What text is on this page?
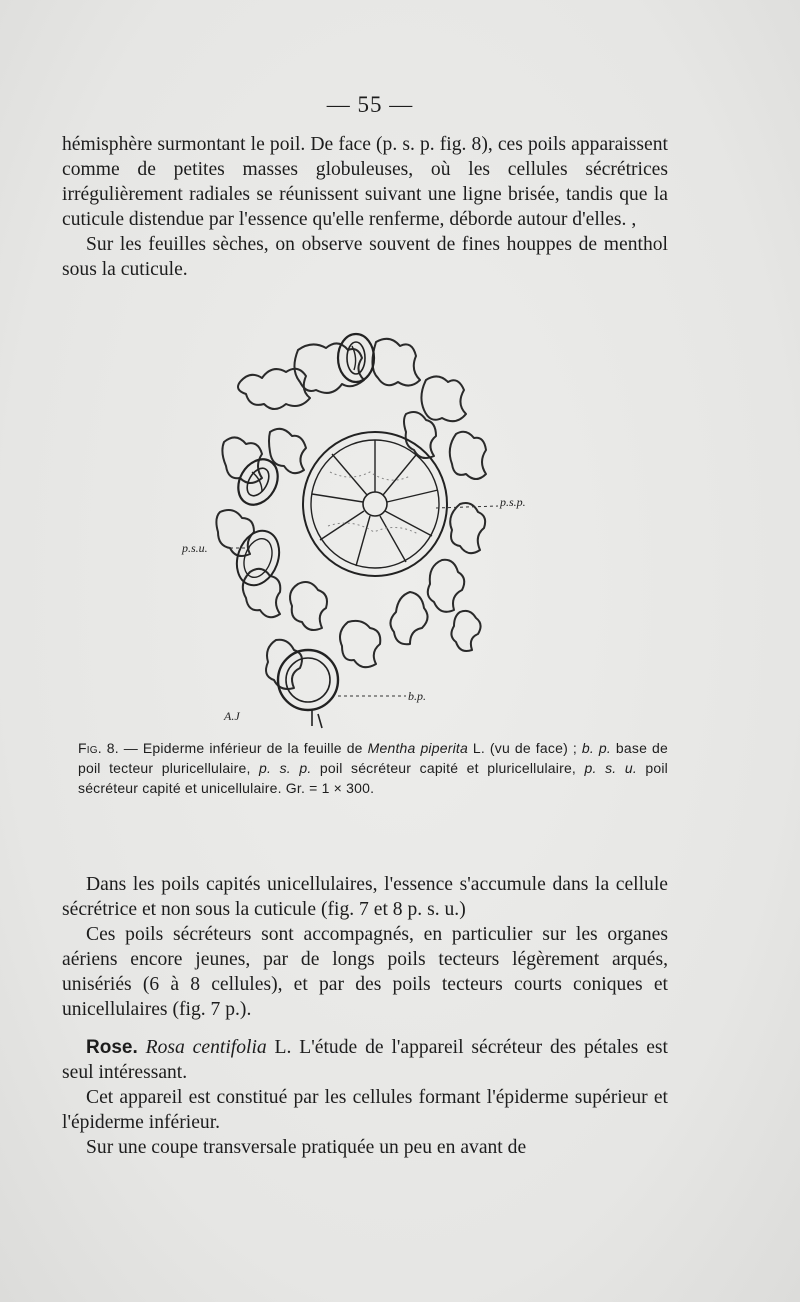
— 55 —

hémisphère surmontant le poil. De face (p. s. p. fig. 8), ces poils apparaissent comme de petites masses globuleuses, où les cellules sécrétrices irrégulièrement radiales se réunissent suivant une ligne brisée, tandis que la cuticule distendue par l'essence qu'elle renferme, déborde autour d'elles. ,

Sur les feuilles sèches, on observe souvent de fines houppes de menthol sous la cuticule.

p.s.p.
p.s.u.
b.p.
A.J

Fig. 8. — Epiderme inférieur de la feuille de Mentha piperita L. (vu de face) ; b. p. base de poil tecteur pluricellulaire, p. s. p. poil sécréteur capité et pluricellulaire, p. s. u. poil sécréteur capité et unicellulaire. Gr. = 1 × 300.

Dans les poils capités unicellulaires, l'essence s'accumule dans la cellule sécrétrice et non sous la cuticule (fig. 7 et 8 p. s. u.)

Ces poils sécréteurs sont accompagnés, en particulier sur les organes aériens encore jeunes, par de longs poils tecteurs légèrement arqués, unisériés (6 à 8 cellules), et par des poils tecteurs courts coniques et unicellulaires (fig. 7 p.).

Rose. Rosa centifolia L. L'étude de l'appareil sécréteur des pétales est seul intéressant.

Cet appareil est constitué par les cellules formant l'épiderme supérieur et l'épiderme inférieur.

Sur une coupe transversale pratiquée un peu en avant de
